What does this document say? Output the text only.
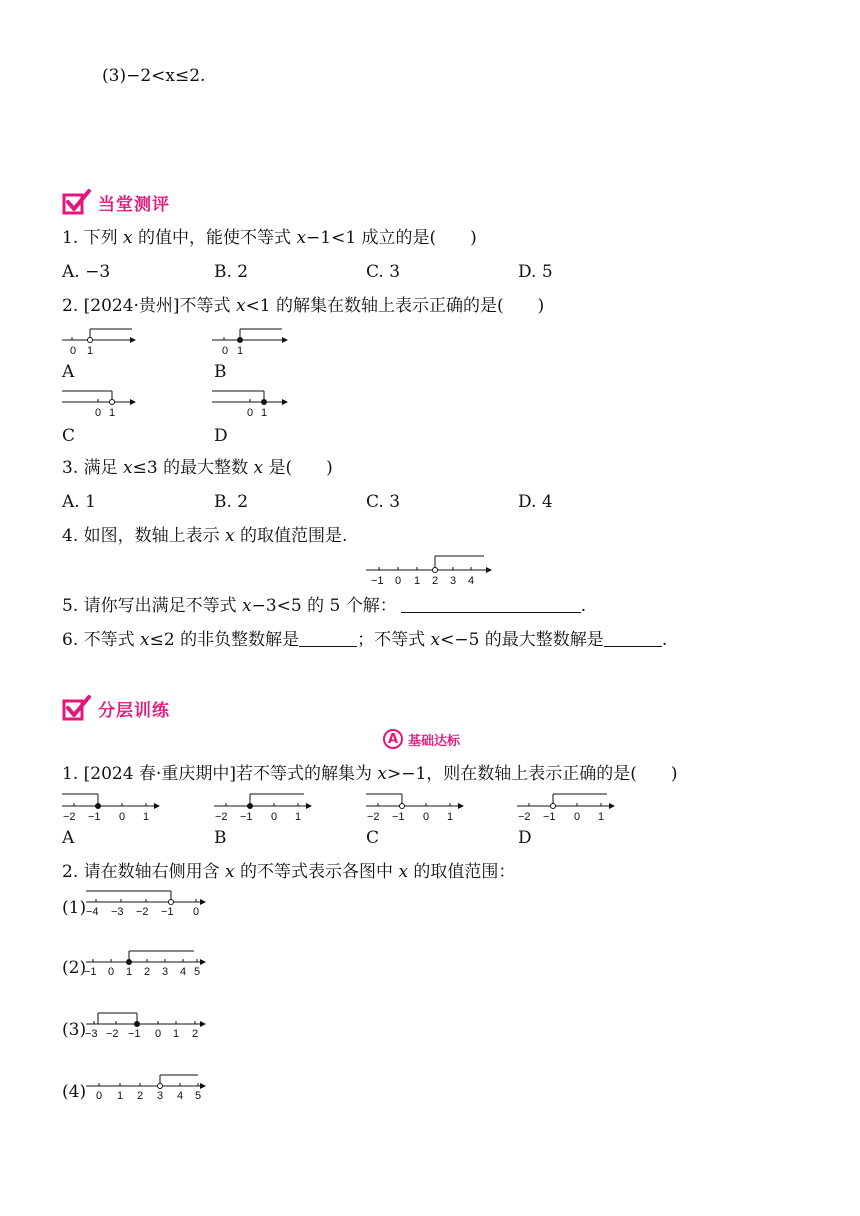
(3)−2<x≤2.
当堂测评
1. 下列 x 的值中，能使不等式 x−1<1 成立的是(　　)
A. −3	B. 2	C. 3	D. 5
2. [2024·贵州]不等式 x<1 的解集在数轴上表示正确的是(　　)
0 1
A
0 1
B
0 1
C
0 1
D
3. 满足 x≤3 的最大整数 x 是(　　)
A. 1	B. 2	C. 3	D. 4
4. 如图，数轴上表示 x 的取值范围是.
−1 0 1 2 3 4
5. 请你写出满足不等式 x−3<5 的 5 个解：	.
6. 不等式 x≤2 的非负整数解是	；不等式 x<−5 的最大整数解是	.
分层训练
A 基础达标
1. [2024 春·重庆期中]若不等式的解集为 x>−1，则在数轴上表示正确的是(　　)
−2 −1 0 1
A
−2 −1 0 1
B
−2 −1 0 1
C
−2 −1 0 1
D
2. 请在数轴右侧用含 x 的不等式表示各图中 x 的取值范围：
(1) −4 −3 −2 −1 0
(2)
−1 0 1 2 3 4 5
(3)
−3 −2 −1 0 1 2
(4) 0 1 2 3 4 5
